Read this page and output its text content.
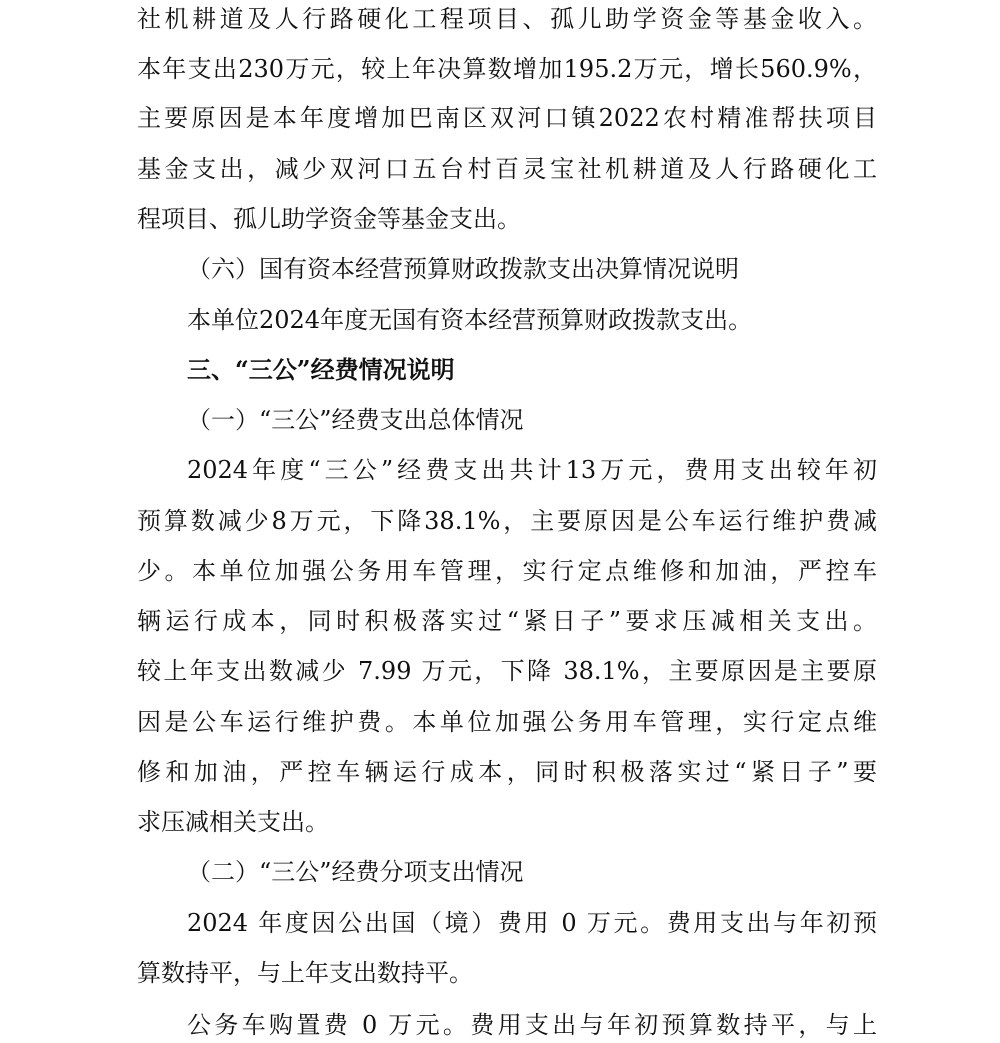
社机耕道及人行路硬化工程项目、孤儿助学资金等基金收入。
本年支出230万元，较上年决算数增加195.2万元，增长560.9%，
主要原因是本年度增加巴南区双河口镇2022农村精准帮扶项目
基金支出，减少双河口五台村百灵宝社机耕道及人行路硬化工
程项目、孤儿助学资金等基金支出。
（六）国有资本经营预算财政拨款支出决算情况说明
本单位2024年度无国有资本经营预算财政拨款支出。
三、“三公”经费情况说明
（一）“三公”经费支出总体情况
2024年度“三公”经费支出共计13万元，费用支出较年初
预算数减少8万元，下降38.1%，主要原因是公车运行维护费减
少。本单位加强公务用车管理，实行定点维修和加油，严控车
辆运行成本，同时积极落实过“紧日子”要求压减相关支出。
较上年支出数减少 7.99 万元，下降 38.1%，主要原因是主要原
因是公车运行维护费。本单位加强公务用车管理，实行定点维
修和加油，严控车辆运行成本，同时积极落实过“紧日子”要
求压减相关支出。
（二）“三公”经费分项支出情况
2024 年度因公出国（境）费用 0 万元。费用支出与年初预
算数持平，与上年支出数持平。
公务车购置费 0 万元。费用支出与年初预算数持平，与上
